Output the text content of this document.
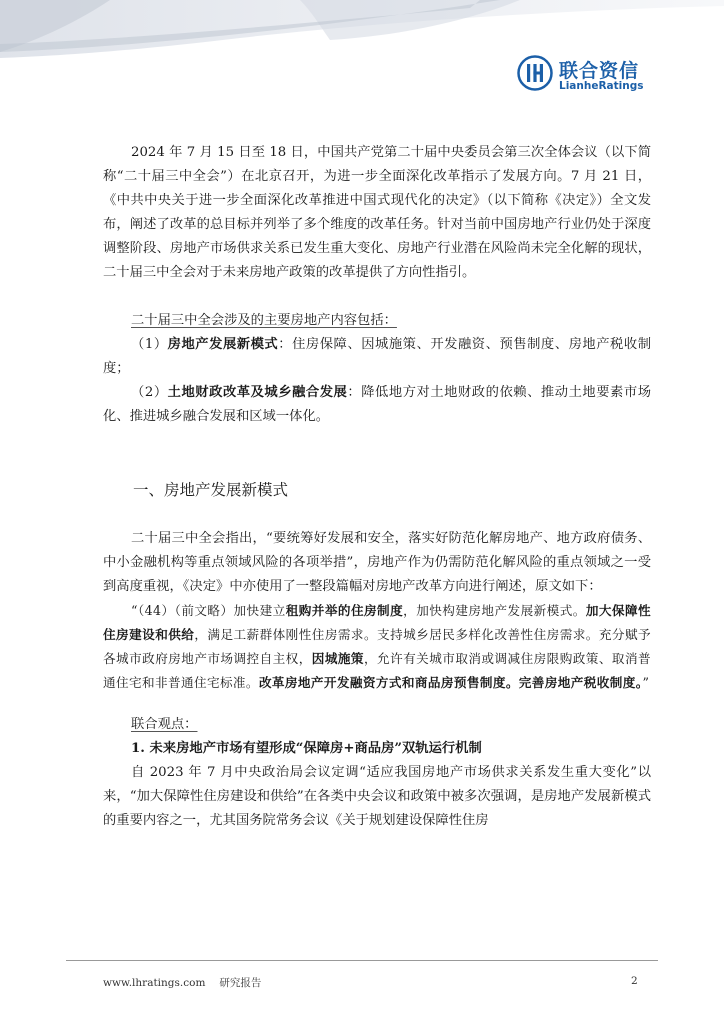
联合资信
LianheRatings

2024 年 7 月 15 日至 18 日，中国共产党第二十届中央委员会第三次全体会议（以下简称“二十届三中全会”）在北京召开，为进一步全面深化改革指示了发展方向。7 月 21 日，《中共中央关于进一步全面深化改革推进中国式现代化的决定》（以下简称《决定》）全文发布，阐述了改革的总目标并列举了多个维度的改革任务。针对当前中国房地产行业仍处于深度调整阶段、房地产市场供求关系已发生重大变化、房地产行业潜在风险尚未完全化解的现状，二十届三中全会对于未来房地产政策的改革提供了方向性指引。

二十届三中全会涉及的主要房地产内容包括：

（1）房地产发展新模式：住房保障、因城施策、开发融资、预售制度、房地产税收制度；

（2）土地财政改革及城乡融合发展：降低地方对土地财政的依赖、推动土地要素市场化、推进城乡融合发展和区域一体化。

一、房地产发展新模式

二十届三中全会指出，“要统筹好发展和安全，落实好防范化解房地产、地方政府债务、中小金融机构等重点领域风险的各项举措”，房地产作为仍需防范化解风险的重点领域之一受到高度重视，《决定》中亦使用了一整段篇幅对房地产改革方向进行阐述，原文如下：

“（44）（前文略）加快建立租购并举的住房制度，加快构建房地产发展新模式。加大保障性住房建设和供给，满足工薪群体刚性住房需求。支持城乡居民多样化改善性住房需求。充分赋予各城市政府房地产市场调控自主权，因城施策，允许有关城市取消或调减住房限购政策、取消普通住宅和非普通住宅标准。改革房地产开发融资方式和商品房预售制度。完善房地产税收制度。”

联合观点：

1. 未来房地产市场有望形成“保障房+商品房”双轨运行机制

自 2023 年 7 月中央政治局会议定调“适应我国房地产市场供求关系发生重大变化”以来，“加大保障性住房建设和供给”在各类中央会议和政策中被多次强调，是房地产发展新模式的重要内容之一，尤其国务院常务会议《关于规划建设保障性住房

www.lhratings.com 研究报告	2
